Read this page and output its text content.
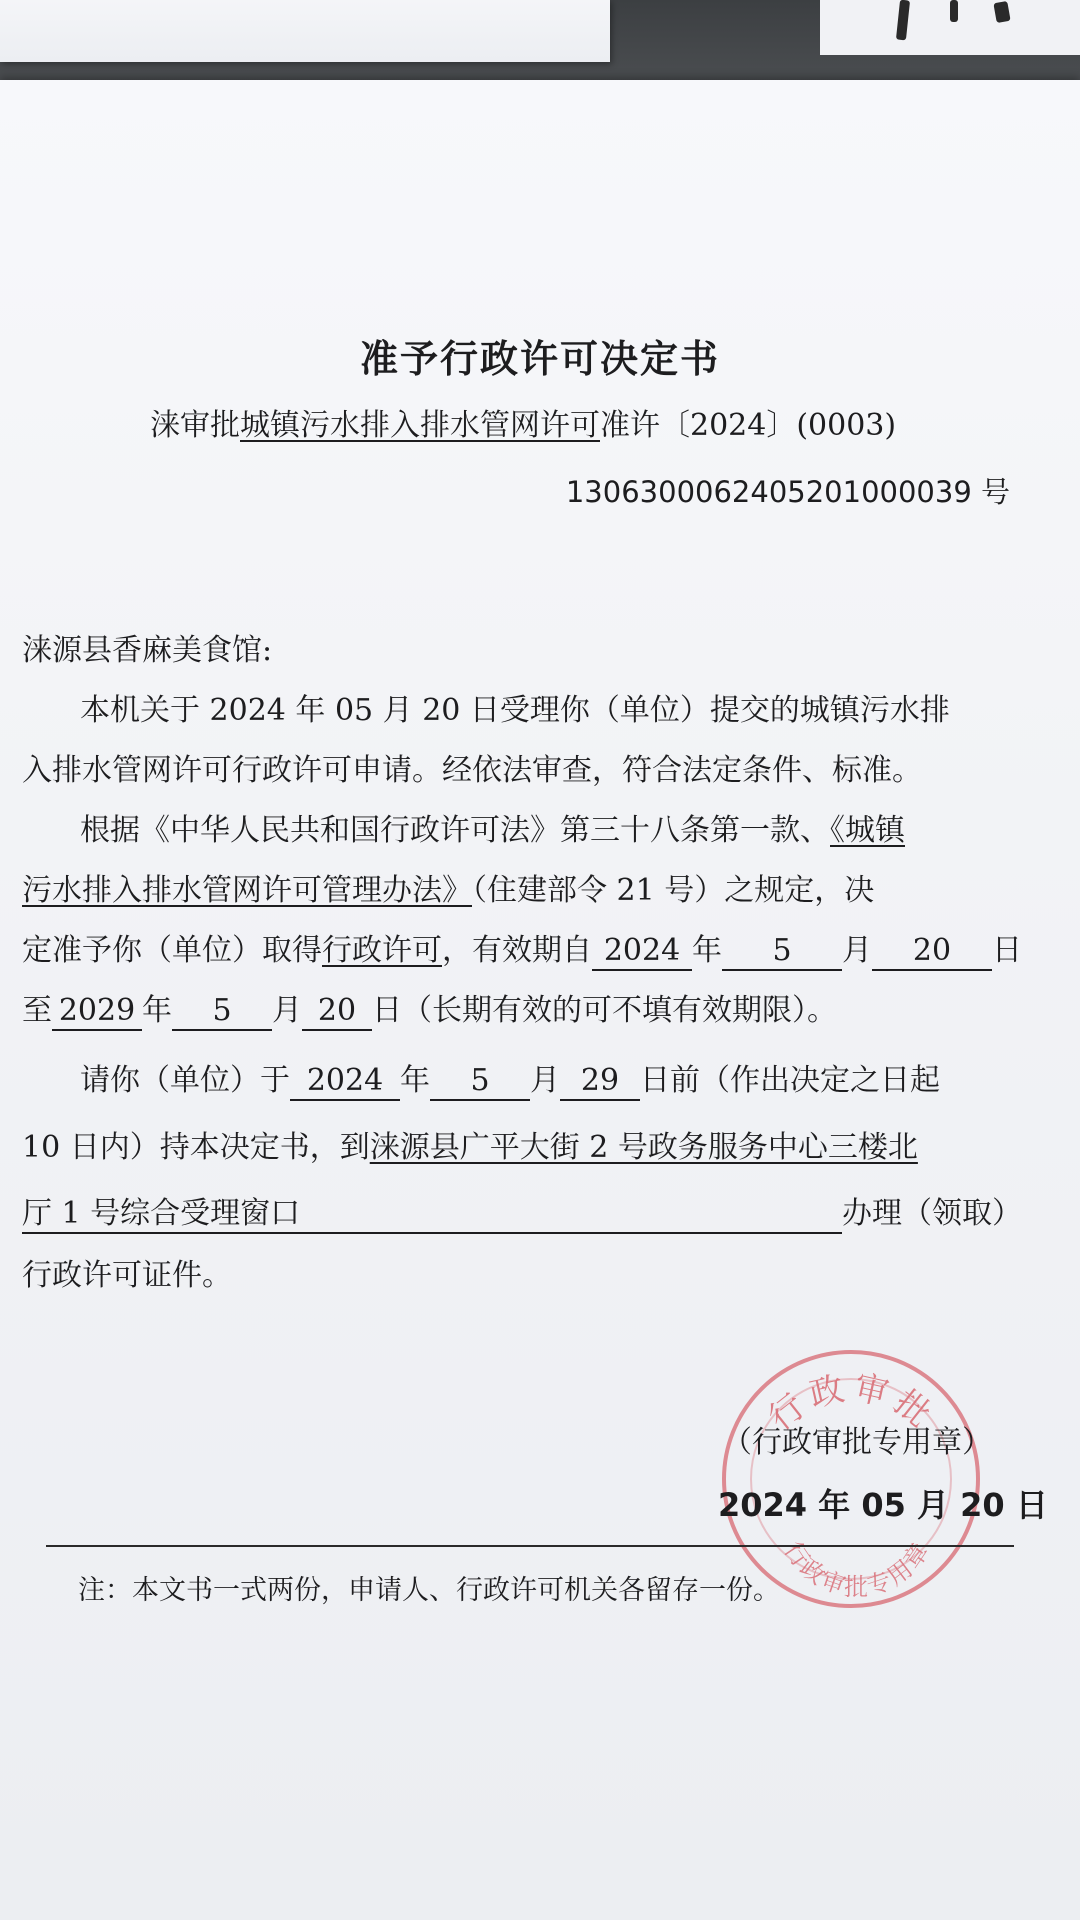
准予行政许可决定书
涞审批城镇污水排入排水管网许可准许〔2024〕(0003)
1306300062405201000039 号
涞源县香麻美食馆:
本机关于 2024 年 05 月 20 日受理你（单位）提交的城镇污水排
入排水管网许可行政许可申请。经依法审查，符合法定条件、标准。
根据《中华人民共和国行政许可法》第三十八条第一款、《城镇
污水排入排水管网许可管理办法》（住建部令 21 号）之规定，决
定准予你（单位）取得行政许可，有效期自 2024 年 5 月 20 日
至 2029 年 5 月 20 日（长期有效的可不填有效期限）。
请你（单位）于 2024 年 5 月 29 日前（作出决定之日起
10 日内）持本决定书，到涞源县广平大街 2 号政务服务中心三楼北
厅 1 号综合受理窗口	办理（领取）
行政许可证件。
行政审批
行政审批专用章
（行政审批专用章）
2024 年 05 月 20 日
注：本文书一式两份，申请人、行政许可机关各留存一份。
